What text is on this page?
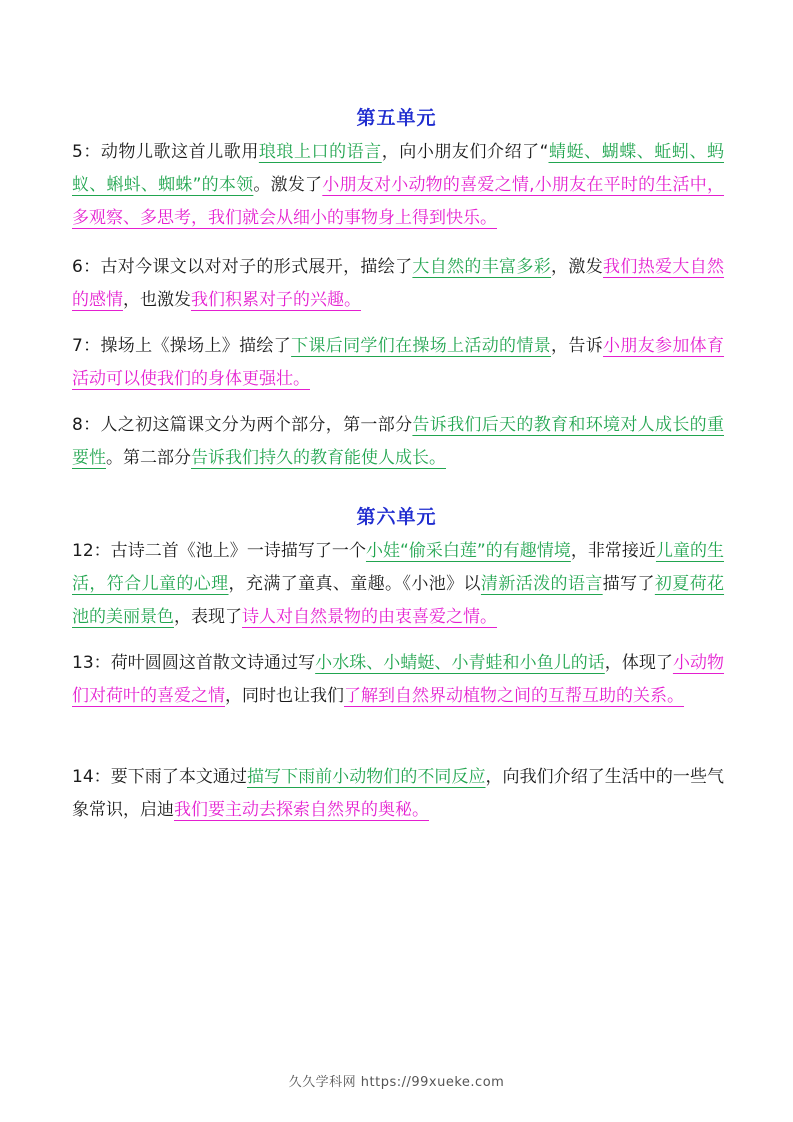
第五单元

5：动物儿歌这首儿歌用琅琅上口的语言，向小朋友们介绍了“蜻蜓、蝴蝶、蚯蚓、蚂蚁、蝌蚪、蜘蛛”的本领。激发了小朋友对小动物的喜爱之情,小朋友在平时的生活中，多观察、多思考，我们就会从细小的事物身上得到快乐。

6：古对今课文以对对子的形式展开，描绘了大自然的丰富多彩，激发我们热爱大自然的感情，也激发我们积累对子的兴趣。

7：操场上《操场上》描绘了下课后同学们在操场上活动的情景，告诉小朋友参加体育活动可以使我们的身体更强壮。

8：人之初这篇课文分为两个部分，第一部分告诉我们后天的教育和环境对人成长的重要性。第二部分告诉我们持久的教育能使人成长。

第六单元

12：古诗二首《池上》一诗描写了一个小娃“偷采白莲”的有趣情境，非常接近儿童的生活，符合儿童的心理，充满了童真、童趣。《小池》以清新活泼的语言描写了初夏荷花池的美丽景色，表现了诗人对自然景物的由衷喜爱之情。

13：荷叶圆圆这首散文诗通过写小水珠、小蜻蜓、小青蛙和小鱼儿的话，体现了小动物们对荷叶的喜爱之情，同时也让我们了解到自然界动植物之间的互帮互助的关系。

14：要下雨了本文通过描写下雨前小动物们的不同反应，向我们介绍了生活中的一些气象常识，启迪我们要主动去探索自然界的奥秘。

久久学科网 https://99xueke.com
